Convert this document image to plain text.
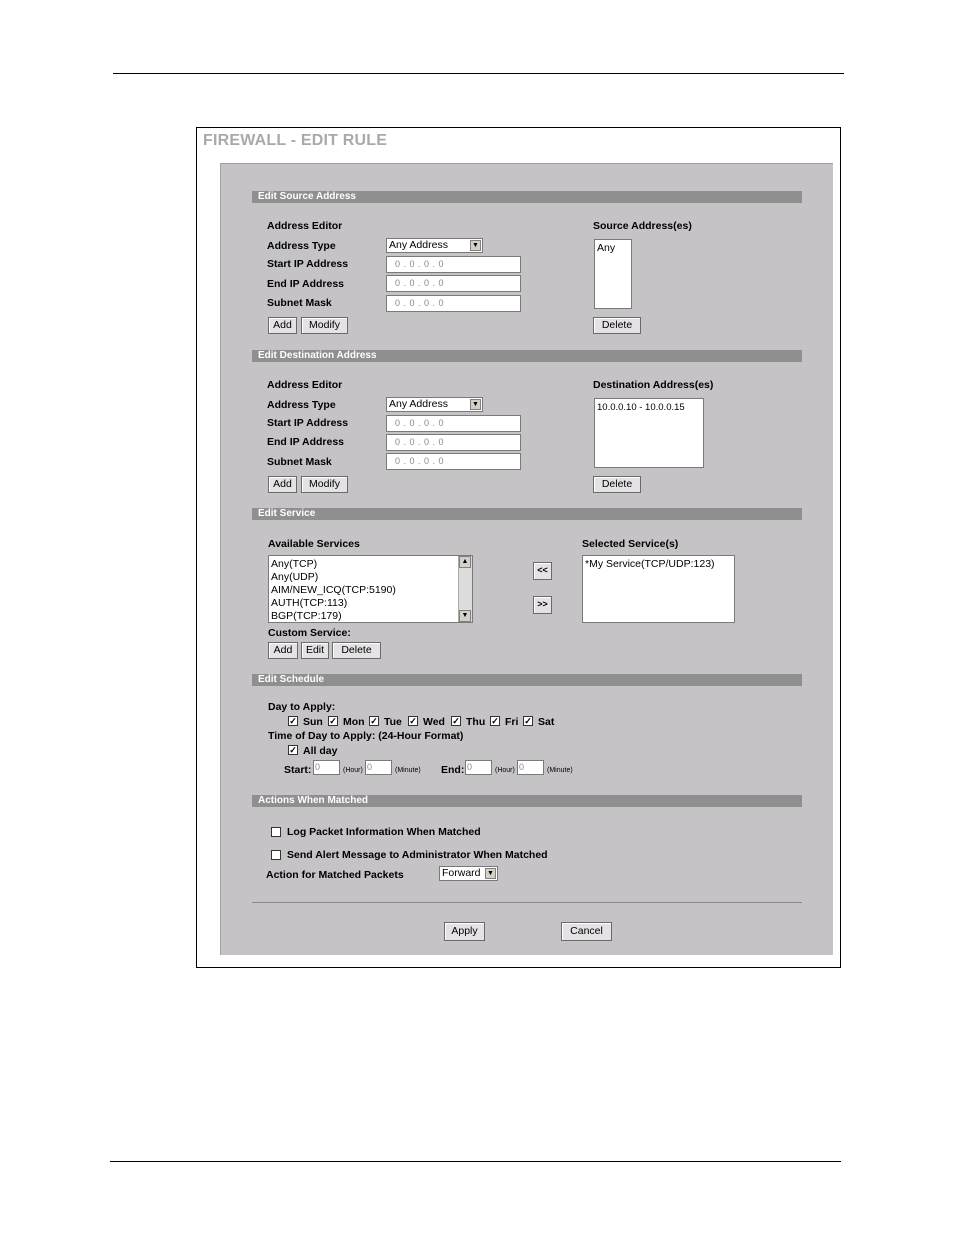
FIREWALL - EDIT RULE
Edit Source Address
Address Editor
Address Type	Any Address	▼
Start IP Address	0 . 0 . 0 . 0
End IP Address	0 . 0 . 0 . 0
Subnet Mask	0 . 0 . 0 . 0
Add	Modify
Source Address(es)
Any
Delete
Edit Destination Address
Address Editor
Address Type	Any Address	▼
Start IP Address	0 . 0 . 0 . 0
End IP Address	0 . 0 . 0 . 0
Subnet Mask	0 . 0 . 0 . 0
Add	Modify
Destination Address(es)
10.0.0.10 - 10.0.0.15
Delete
Edit Service
Available Services
Any(TCP)
Any(UDP)
AIM/NEW_ICQ(TCP:5190)
AUTH(TCP:113)
BGP(TCP:179)
▲
▼
<<
>>
Selected Service(s)
*My Service(TCP/UDP:123)
Custom Service:
Add	Edit	Delete
Edit Schedule
Day to Apply:
✓ Sun ✓ Mon ✓ Tue ✓ Wed ✓ Thu ✓ Fri ✓ Sat
Time of Day to Apply: (24-Hour Format)
✓ All day
Start: 0	(Hour) 0	(Minute) End: 0	(Hour) 0	(Minute)
Actions When Matched
Log Packet Information When Matched
Send Alert Message to Administrator When Matched
Action for Matched Packets	Forward ▼
Apply	Cancel
